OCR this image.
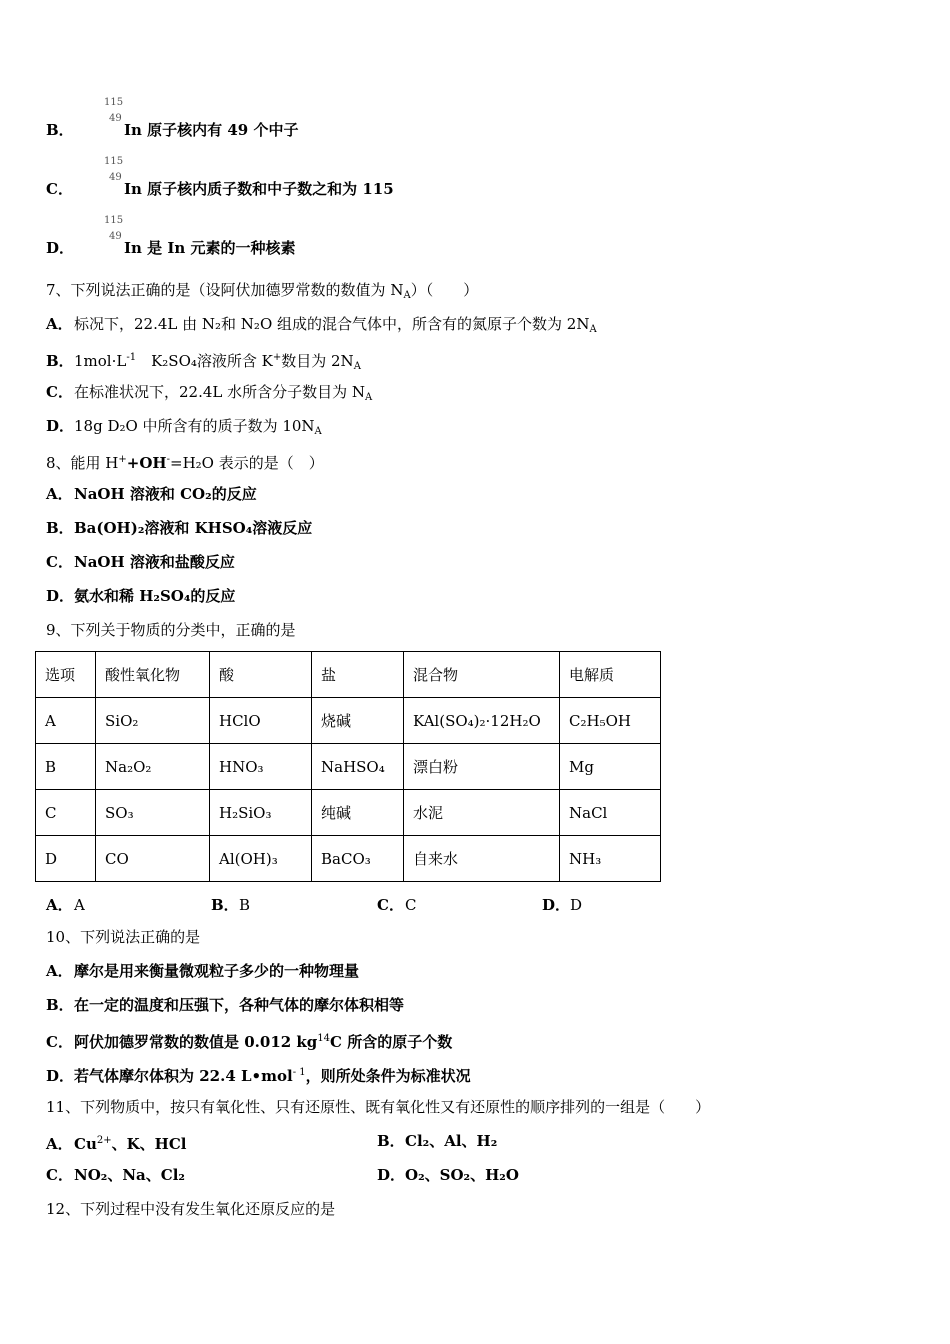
B．
115
49
In 原子核内有 49 个中子
C．
115
49
In 原子核内质子数和中子数之和为 115
D．
115
49
In 是 In 元素的一种核素
7、下列说法正确的是（设阿伏加德罗常数的数值为 $N_A$）（　　）
A．标况下，22.4L 由 N₂和 N₂O 组成的混合气体中，所含有的氮原子个数为 $2N_A$
B．$1mol\cdot L^{-1}$　K₂SO₄溶液所含 K+数目为 $2N_A$
C．在标准状况下，22.4L 水所含分子数目为 $N_A$
D．18g D₂O 中所含有的质子数为 $10N_A$
8、能用 H++OH-=H₂O 表示的是（　）
A．NaOH 溶液和 CO₂的反应
B．Ba(OH)₂溶液和 KHSO₄溶液反应
C．NaOH 溶液和盐酸反应
D．氨水和稀 H₂SO₄的反应
9、下列关于物质的分类中，正确的是
选项	酸性氧化物	酸	盐	混合物	电解质
A	SiO₂	HClO	烧碱	KAl(SO₄)₂·12H₂O	C₂H₅OH
B	Na₂O₂	HNO₃	NaHSO₄	漂白粉	Mg
C	SO₃	H₂SiO₃	纯碱	水泥	NaCl
D	CO	Al(OH)₃	BaCO₃	自来水	NH₃
A．A	B．B	C．C	D．D
10、下列说法正确的是
A．摩尔是用来衡量微观粒子多少的一种物理量
B．在一定的温度和压强下，各种气体的摩尔体积相等
C．阿伏加德罗常数的数值是 0.012 $kg^{14}C$ 所含的原子个数
D．若气体摩尔体积为 22.4 L•mol$^{- 1}$，则所处条件为标准状况
11、下列物质中，按只有氧化性、只有还原性、既有氧化性又有还原性的顺序排列的一组是（　　）
A．$Cu^{2+}$、K、HCl	B．Cl₂、Al、H₂
C．NO₂、Na、Cl₂	D．O₂、SO₂、H₂O
12、下列过程中没有发生氧化还原反应的是
